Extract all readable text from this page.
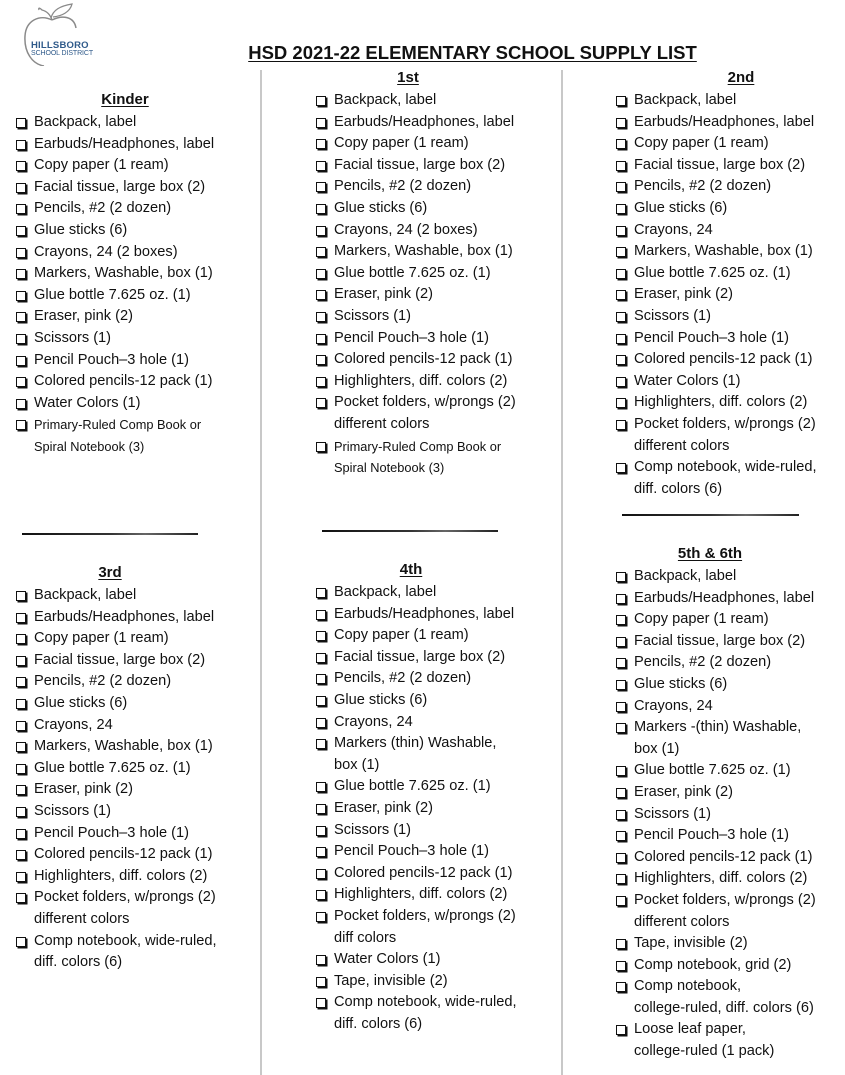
HILLSBORO
SCHOOL DISTRICT	HSD 2021-22 ELEMENTARY SCHOOL SUPPLY LIST
Kinder
Backpack, label
Earbuds/Headphones, label
Copy paper (1 ream)
Facial tissue, large box (2)
Pencils, #2 (2 dozen)
Glue sticks (6)
Crayons, 24 (2 boxes)
Markers, Washable, box (1)
Glue bottle 7.625 oz. (1)
Eraser, pink (2)
Scissors (1)
Pencil Pouch–3 hole (1)
Colored pencils-12 pack (1)
Water Colors (1)
Primary-Ruled Comp Book or
Spiral Notebook (3)
1st
Backpack, label
Earbuds/Headphones, label
Copy paper (1 ream)
Facial tissue, large box (2)
Pencils, #2 (2 dozen)
Glue sticks (6)
Crayons, 24 (2 boxes)
Markers, Washable, box (1)
Glue bottle 7.625 oz. (1)
Eraser, pink (2)
Scissors (1)
Pencil Pouch–3 hole (1)
Colored pencils-12 pack (1)
Highlighters, diff. colors (2)
Pocket folders, w/prongs (2)
different colors
Primary-Ruled Comp Book or
Spiral Notebook (3)
2nd
Backpack, label
Earbuds/Headphones, label
Copy paper (1 ream)
Facial tissue, large box (2)
Pencils, #2 (2 dozen)
Glue sticks (6)
Crayons, 24
Markers, Washable, box (1)
Glue bottle 7.625 oz. (1)
Eraser, pink (2)
Scissors (1)
Pencil Pouch–3 hole (1)
Colored pencils-12 pack (1)
Water Colors (1)
Highlighters, diff. colors (2)
Pocket folders, w/prongs (2)
different colors
Comp notebook, wide-ruled,
diff. colors (6)
3rd
Backpack, label
Earbuds/Headphones, label
Copy paper (1 ream)
Facial tissue, large box (2)
Pencils, #2 (2 dozen)
Glue sticks (6)
Crayons, 24
Markers, Washable, box (1)
Glue bottle 7.625 oz. (1)
Eraser, pink (2)
Scissors (1)
Pencil Pouch–3 hole (1)
Colored pencils-12 pack (1)
Highlighters, diff. colors (2)
Pocket folders, w/prongs (2)
different colors
Comp notebook, wide-ruled,
diff. colors (6)
4th
Backpack, label
Earbuds/Headphones, label
Copy paper (1 ream)
Facial tissue, large box (2)
Pencils, #2 (2 dozen)
Glue sticks (6)
Crayons, 24
Markers (thin) Washable,
box (1)
Glue bottle 7.625 oz. (1)
Eraser, pink (2)
Scissors (1)
Pencil Pouch–3 hole (1)
Colored pencils-12 pack (1)
Highlighters, diff. colors (2)
Pocket folders, w/prongs (2)
diff colors
Water Colors (1)
Tape, invisible (2)
Comp notebook, wide-ruled,
diff. colors (6)
5th & 6th
Backpack, label
Earbuds/Headphones, label
Copy paper (1 ream)
Facial tissue, large box (2)
Pencils, #2 (2 dozen)
Glue sticks (6)
Crayons, 24
Markers -(thin) Washable,
box (1)
Glue bottle 7.625 oz. (1)
Eraser, pink (2)
Scissors (1)
Pencil Pouch–3 hole (1)
Colored pencils-12 pack (1)
Highlighters, diff. colors (2)
Pocket folders, w/prongs (2)
different colors
Tape, invisible (2)
Comp notebook, grid (2)
Comp notebook,
college-ruled, diff. colors (6)
Loose leaf paper,
college-ruled (1 pack)
